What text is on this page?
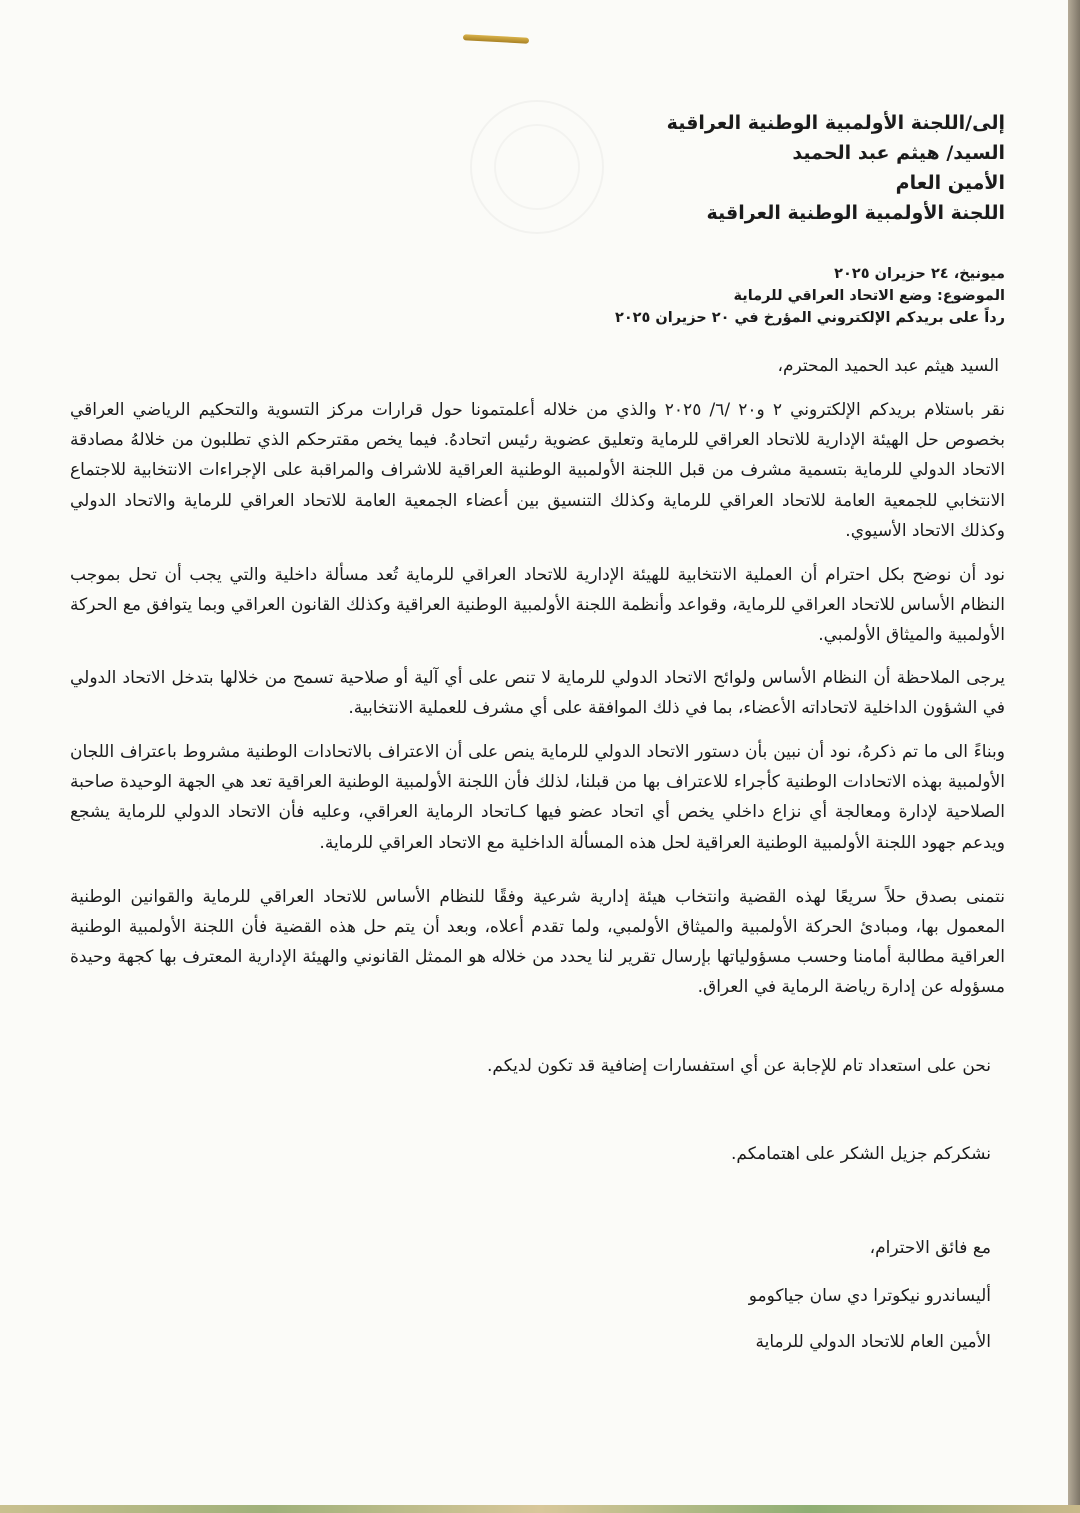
إلى/اللجنة الأولمبية الوطنية العراقية
السيد/ هيثم عبد الحميد
الأمين العام
اللجنة الأولمبية الوطنية العراقية
ميونيخ، ٢٤ حزيران ٢٠٢٥
الموضوع: وضع الاتحاد العراقي للرماية
رداً على بريدكم الإلكتروني المؤرخ في ٢٠ حزيران ٢٠٢٥
السيد هيثم عبد الحميد المحترم،
نقر باستلام بريدكم الإلكتروني ٢ و٢٠ /٦/ ٢٠٢٥ والذي من خلاله أعلمتمونا حول قرارات مركز التسوية والتحكيم الرياضي العراقي بخصوص حل الهيئة الإدارية للاتحاد العراقي للرماية وتعليق عضوية رئيس اتحادهُ. فيما يخص مقترحكم الذي تطلبون من خلالهُ مصادقة الاتحاد الدولي للرماية بتسمية مشرف من قبل اللجنة الأولمبية الوطنية العراقية للاشراف والمراقبة على الإجراءات الانتخابية للاجتماع الانتخابي للجمعية العامة للاتحاد العراقي للرماية وكذلك التنسيق بين أعضاء الجمعية العامة للاتحاد العراقي للرماية والاتحاد الدولي وكذلك الاتحاد الأسيوي.
نود أن نوضح بكل احترام أن العملية الانتخابية للهيئة الإدارية للاتحاد العراقي للرماية تُعد مسألة داخلية والتي يجب أن تحل بموجب النظام الأساس للاتحاد العراقي للرماية، وقواعد وأنظمة اللجنة الأولمبية الوطنية العراقية وكذلك القانون العراقي وبما يتوافق مع الحركة الأولمبية والميثاق الأولمبي.
يرجى الملاحظة أن النظام الأساس ولوائح الاتحاد الدولي للرماية لا تنص على أي آلية أو صلاحية تسمح من خلالها بتدخل الاتحاد الدولي في الشؤون الداخلية لاتحاداته الأعضاء، بما في ذلك الموافقة على أي مشرف للعملية الانتخابية.
وبناءً الى ما تم ذكرهُ، نود أن نبين بأن دستور الاتحاد الدولي للرماية ينص على أن الاعتراف بالاتحادات الوطنية مشروط باعتراف اللجان الأولمبية بهذه الاتحادات الوطنية كأجراء للاعتراف بها من قبلنا، لذلك فأن اللجنة الأولمبية الوطنية العراقية تعد هي الجهة الوحيدة صاحبة الصلاحية لإدارة ومعالجة أي نزاع داخلي يخص أي اتحاد عضو فيها كـاتحاد الرماية العراقي، وعليه فأن الاتحاد الدولي للرماية يشجع ويدعم جهود اللجنة الأولمبية الوطنية العراقية لحل هذه المسألة الداخلية مع الاتحاد العراقي للرماية.
نتمنى بصدق حلاً سريعًا لهذه القضية وانتخاب هيئة إدارية شرعية وفقًا للنظام الأساس للاتحاد العراقي للرماية والقوانين الوطنية المعمول بها، ومبادئ الحركة الأولمبية والميثاق الأولمبي، ولما تقدم أعلاه، وبعد أن يتم حل هذه القضية فأن اللجنة الأولمبية الوطنية العراقية مطالبة أمامنا وحسب مسؤولياتها بإرسال تقرير لنا يحدد من خلاله هو الممثل القانوني والهيئة الإدارية المعترف بها كجهة وحيدة مسؤوله عن إدارة رياضة الرماية في العراق.
نحن على استعداد تام للإجابة عن أي استفسارات إضافية قد تكون لديكم.
نشكركم جزيل الشكر على اهتمامكم.
مع فائق الاحترام،
أليساندرو نيكوترا دي سان جياكومو
الأمين العام للاتحاد الدولي للرماية
